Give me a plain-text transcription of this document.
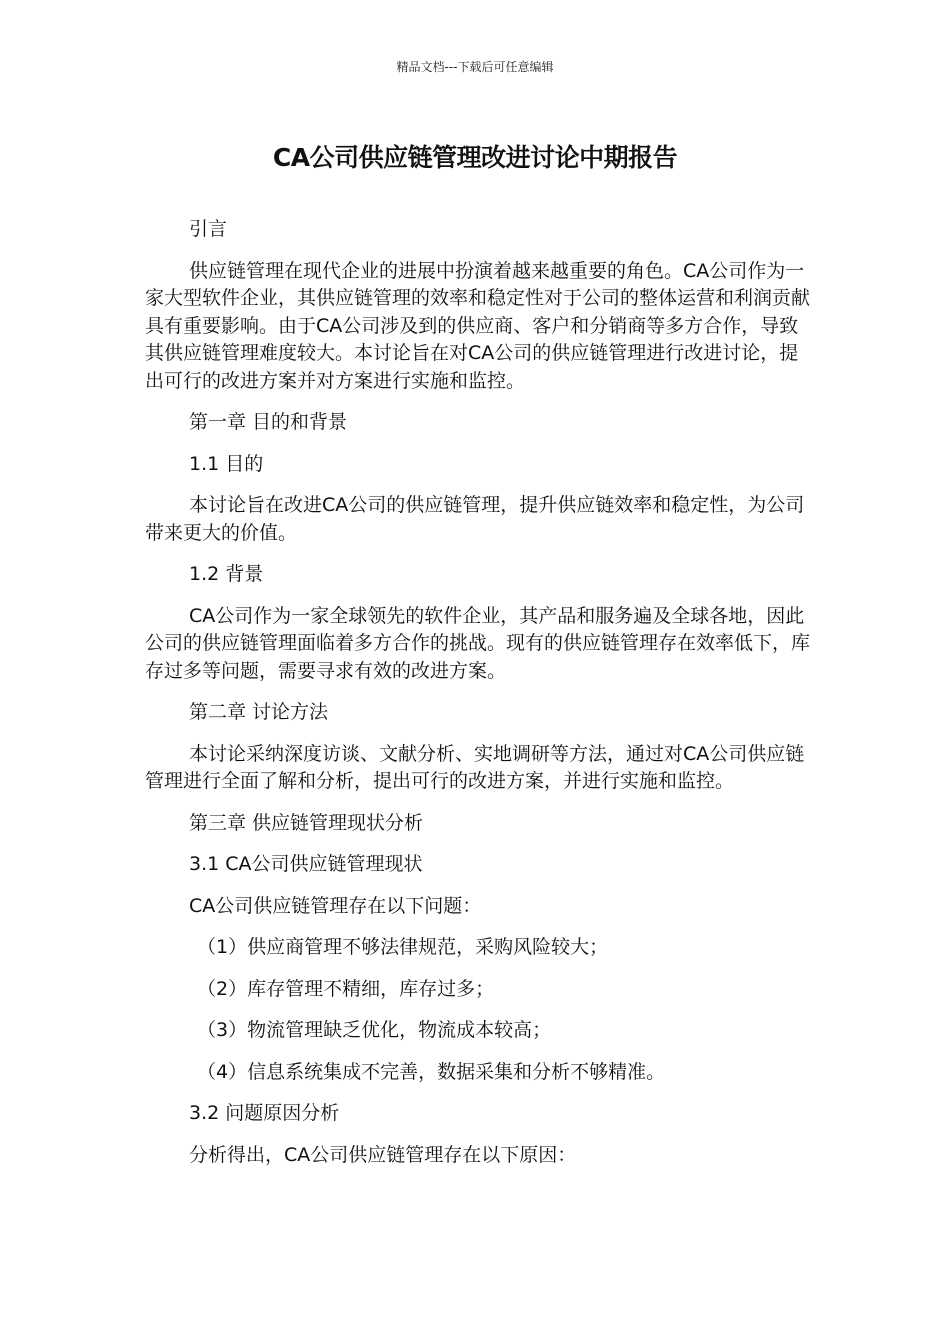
精品文档---下载后可任意编辑
CA公司供应链管理改进讨论中期报告
引言
供应链管理在现代企业的进展中扮演着越来越重要的角色。CA公司作为一家大型软件企业，其供应链管理的效率和稳定性对于公司的整体运营和利润贡献具有重要影响。由于CA公司涉及到的供应商、客户和分销商等多方合作，导致其供应链管理难度较大。本讨论旨在对CA公司的供应链管理进行改进讨论，提出可行的改进方案并对方案进行实施和监控。
第一章 目的和背景
1.1 目的
本讨论旨在改进CA公司的供应链管理，提升供应链效率和稳定性，为公司带来更大的价值。
1.2 背景
CA公司作为一家全球领先的软件企业，其产品和服务遍及全球各地，因此公司的供应链管理面临着多方合作的挑战。现有的供应链管理存在效率低下，库存过多等问题，需要寻求有效的改进方案。
第二章 讨论方法
本讨论采纳深度访谈、文献分析、实地调研等方法，通过对CA公司供应链管理进行全面了解和分析，提出可行的改进方案，并进行实施和监控。
第三章 供应链管理现状分析
3.1 CA公司供应链管理现状
CA公司供应链管理存在以下问题：
（1）供应商管理不够法律规范，采购风险较大；
（2）库存管理不精细，库存过多；
（3）物流管理缺乏优化，物流成本较高；
（4）信息系统集成不完善，数据采集和分析不够精准。
3.2 问题原因分析
分析得出，CA公司供应链管理存在以下原因：
